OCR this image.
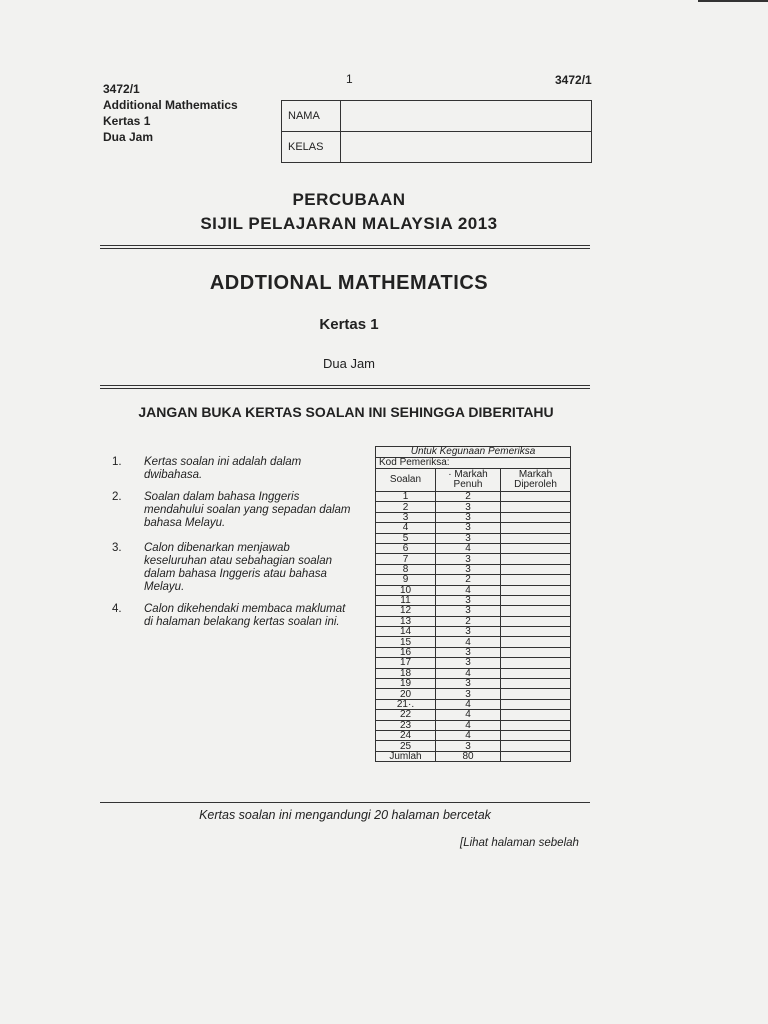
3472/1
Additional Mathematics
Kertas 1
Dua Jam
1	3472/1
NAMA
KELAS
PERCUBAAN
SIJIL PELAJARAN MALAYSIA 2013
ADDTIONAL MATHEMATICS
Kertas 1
Dua Jam
JANGAN BUKA KERTAS SOALAN INI SEHINGGA DIBERITAHU
1. Kertas soalan ini adalah dalam dwibahasa.
2. Soalan dalam bahasa Inggeris mendahului soalan yang sepadan dalam bahasa Melayu.
3. Calon dibenarkan menjawab keseluruhan atau sebahagian soalan dalam bahasa Inggeris atau bahasa Melayu.
4. Calon dikehendaki membaca maklumat di halaman belakang kertas soalan ini.
Untuk Kegunaan Pemeriksa		
Kod Pemeriksa:		
Soalan	· Markah Penuh	Markah Diperoleh
1	2	
2	3	
3	3	
4	3	
5	3	
6	4	
7	3	
8	3	
9	2	
10	4	
11	3	
12	3	
13	2	
14	3	
15	4	
16	3	
17	3	
18	4	
19	3	
20	3	
21·.	4	
22	4	
23	4	
24	4	
25	3	
Jumlah	80	
Kertas soalan ini mengandungi 20 halaman bercetak
[Lihat halaman sebelah
